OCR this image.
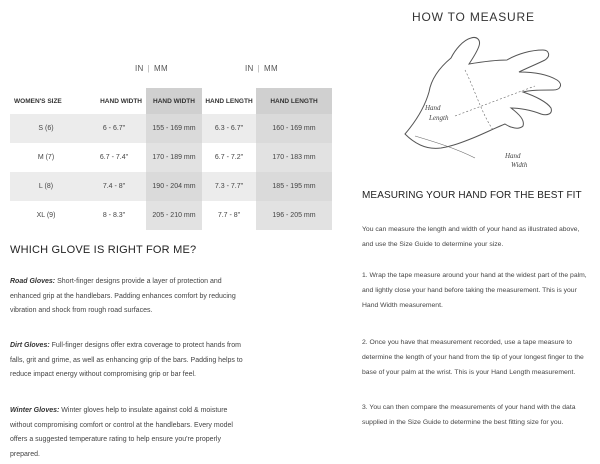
IN | MM	IN | MM
WOMEN'S SIZE	HAND WIDTH	HAND WIDTH	HAND LENGTH	HAND LENGTH
S (6)	6 - 6.7"	155 - 169 mm	6.3 - 6.7"	160 - 169 mm
M (7)	6.7 - 7.4"	170 - 189 mm	6.7 - 7.2"	170 - 183 mm
L (8)	7.4 - 8"	190 - 204 mm	7.3 - 7.7"	185 - 195 mm
XL (9)	8 - 8.3"	205 - 210 mm	7.7 - 8"	196 - 205 mm
WHICH GLOVE IS RIGHT FOR ME?

Road Gloves: Short-finger designs provide a layer of protection and enhanced grip at the handlebars. Padding enhances comfort by reducing vibration and shock from rough road surfaces.

Dirt Gloves: Full-finger designs offer extra coverage to protect hands from falls, grit and grime, as well as enhancing grip of the bars. Padding helps to reduce impact energy without compromising grip or bar feel.

Winter Gloves: Winter gloves help to insulate against cold & moisture without compromising comfort or control at the handlebars. Every model offers a suggested temperature rating to help ensure you're properly prepared.

HOW TO MEASURE
Hand
Length
Hand
Width
MEASURING YOUR HAND FOR THE BEST FIT

You can measure the length and width of your hand as illustrated above, and use the Size Guide to determine your size.

1. Wrap the tape measure around your hand at the widest part of the palm, and lightly close your hand before taking the measurement. This is your Hand Width measurement.

2. Once you have that measurement recorded, use a tape measure to determine the length of your hand from the tip of your longest finger to the base of your palm at the wrist. This is your Hand Length measurement.

3. You can then compare the measurements of your hand with the data supplied in the Size Guide to determine the best fitting size for you.
